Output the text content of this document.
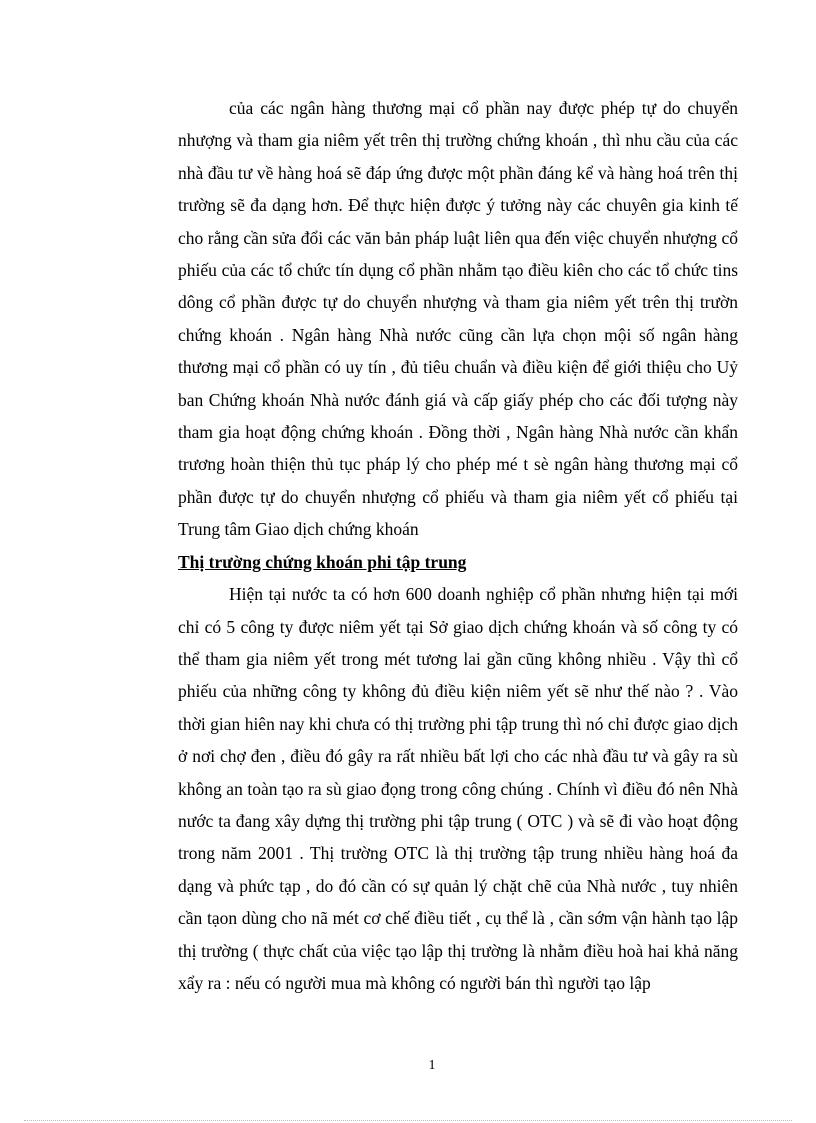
của các ngân hàng thương mại cổ phần nay được phép tự do chuyển nhượng và tham gia niêm yết trên thị trường chứng khoán , thì nhu cầu của các nhà đầu tư về hàng hoá sẽ đáp ứng được một phần đáng kể và hàng hoá trên thị trường sẽ đa dạng hơn. Để thực hiện được ý tưởng này các chuyên gia kinh tế cho rằng cần sửa đổi các văn bản pháp luật liên qua đến việc chuyển nhượng cổ phiếu của các tổ chức tín dụng cổ phần nhằm tạo điều kiên cho các tổ chức tins dông cổ phần được tự do chuyển nhượng và tham gia niêm yết trên thị trườn chứng khoán . Ngân hàng Nhà nước cũng cần lựa chọn mội số ngân hàng thương mại cổ phần có uy tín , đủ tiêu chuẩn và điều kiện để giới thiệu cho Uỷ ban Chứng khoán Nhà nước đánh giá và cấp giấy phép cho các đối tượng này tham gia hoạt động chứng khoán . Đồng thời , Ngân hàng Nhà nước cần khẩn trương hoàn thiện thủ tục pháp lý cho phép mé t sè ngân hàng thương mại cổ phần được tự do chuyển nhượng cổ phiếu và tham gia niêm yết cổ phiếu tại Trung tâm Giao dịch chứng khoán

Thị trường chứng khoán phi tập trung

Hiện tại nước ta có hơn 600 doanh nghiệp cổ phần nhưng hiện tại mới chỉ có 5 công ty được niêm yết tại Sở giao dịch chứng khoán và số công ty có thể tham gia niêm yết trong mét tương lai gần cũng không nhiều . Vậy thì cổ phiếu của những công ty không đủ điều kiện niêm yết sẽ như thế nào ? . Vào thời gian hiên nay khi chưa có thị trường phi tập trung thì nó chỉ được giao dịch ở nơi chợ đen , điều đó gây ra rất nhiều bất lợi cho các nhà đầu tư và gây ra sù không an toàn tạo ra sù giao đọng trong công chúng . Chính vì điều đó nên Nhà nước ta đang xây dựng thị trường phi tập trung ( OTC ) và sẽ đi vào hoạt động trong năm 2001 . Thị trường OTC là thị trường tập trung nhiều hàng hoá đa dạng và phức tạp , do đó cần có sự quản lý chặt chẽ của Nhà nước , tuy nhiên cần tạon dùng cho nã mét cơ chế điều tiết , cụ thể là , cần sớm vận hành tạo lập thị trường ( thực chất của việc tạo lập thị trường là nhằm điều hoà hai khả năng xẩy ra : nếu có người mua mà không có người bán thì người tạo lập

1
